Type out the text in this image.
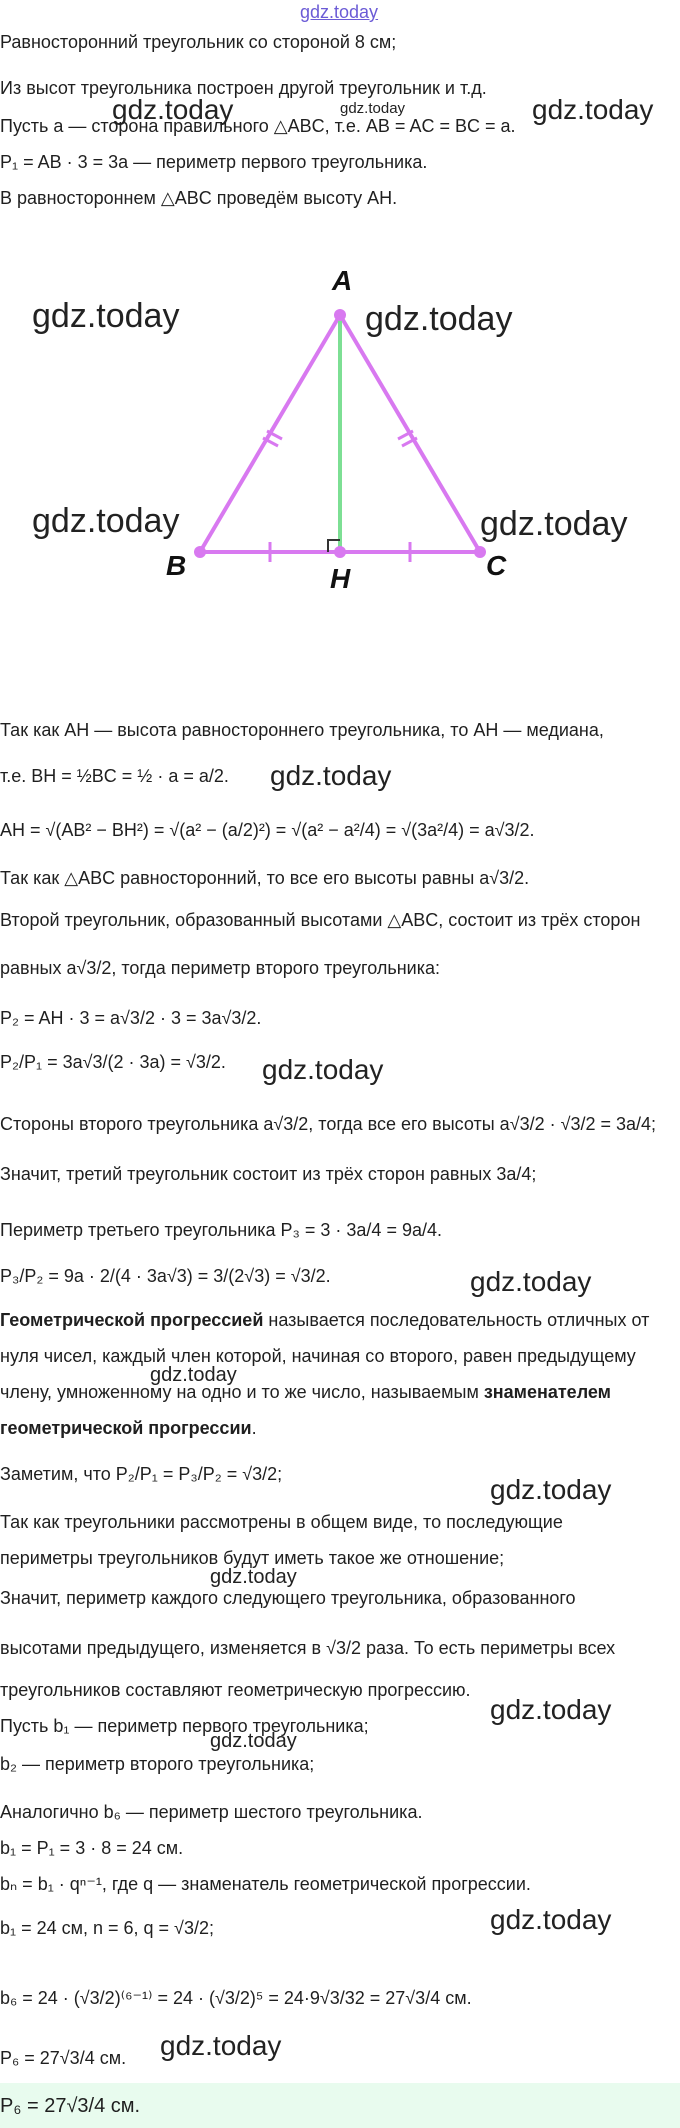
gdz.today
Равносторонний треугольник со стороной 8 см;
Из высот треугольника построен другой треугольник и т.д.
gdz.today	gdz.today	gdz.today
Пусть a — сторона правильного △ABC, т.е. AB = AC = BC = a.
P₁ = AB · 3 = 3a — периметр первого треугольника.
В равностороннем △ABC проведём высоту AH.
A
B	C
H
gdz.today	gdz.today
gdz.today	gdz.today
Так как AH — высота равностороннего треугольника, то AH — медиана,
т.е. BH = ½BC = ½ · a = a/2. gdz.today
AH = √(AB² − BH²) = √(a² − (a/2)²) = √(a² − a²/4) = √(3a²/4) = a√3/2.
Так как △ABC равносторонний, то все его высоты равны a√3/2.
Второй треугольник, образованный высотами △ABC, состоит из трёх сторон
равных a√3/2, тогда периметр второго треугольника:
P₂ = AH · 3 = a√3/2 · 3 = 3a√3/2.
P₂/P₁ = 3a√3/(2 · 3a) = √3/2. gdz.today
Стороны второго треугольника a√3/2, тогда все его высоты a√3/2 · √3/2 = 3a/4;
Значит, третий треугольник состоит из трёх сторон равных 3a/4;
Периметр третьего треугольника P₃ = 3 · 3a/4 = 9a/4.
P₃/P₂ = 9a · 2/(4 · 3a√3) = 3/(2√3) = √3/2.	gdz.today
Геометрической прогрессией называется последовательность отличных от
нуля чисел, каждый член которой, начиная со второго, равен предыдущему
gdz.today
члену, умноженному на одно и то же число, называемым знаменателем
геометрической прогрессии.
Заметим, что P₂/P₁ = P₃/P₂ = √3/2;	gdz.today
Так как треугольники рассмотрены в общем виде, то последующие
периметры треугольников будут иметь такое же отношение;
gdz.today
Значит, периметр каждого следующего треугольника, образованного
высотами предыдущего, изменяется в √3/2 раза. То есть периметры всех
треугольников составляют геометрическую прогрессию.
gdz.today
Пусть b₁ — периметр первого треугольника;
gdz.today
b₂ — периметр второго треугольника;
Аналогично b₆ — периметр шестого треугольника.
b₁ = P₁ = 3 · 8 = 24 см.
bₙ = b₁ · qⁿ⁻¹, где q — знаменатель геометрической прогрессии.
b₁ = 24 см, n = 6, q = √3/2;	gdz.today
b₆ = 24 · (√3/2)⁽⁶⁻¹⁾ = 24 · (√3/2)⁵ = 24·9√3/32 = 27√3/4 см.
P₆ = 27√3/4 см. gdz.today
P₆ = 27√3/4 см.
